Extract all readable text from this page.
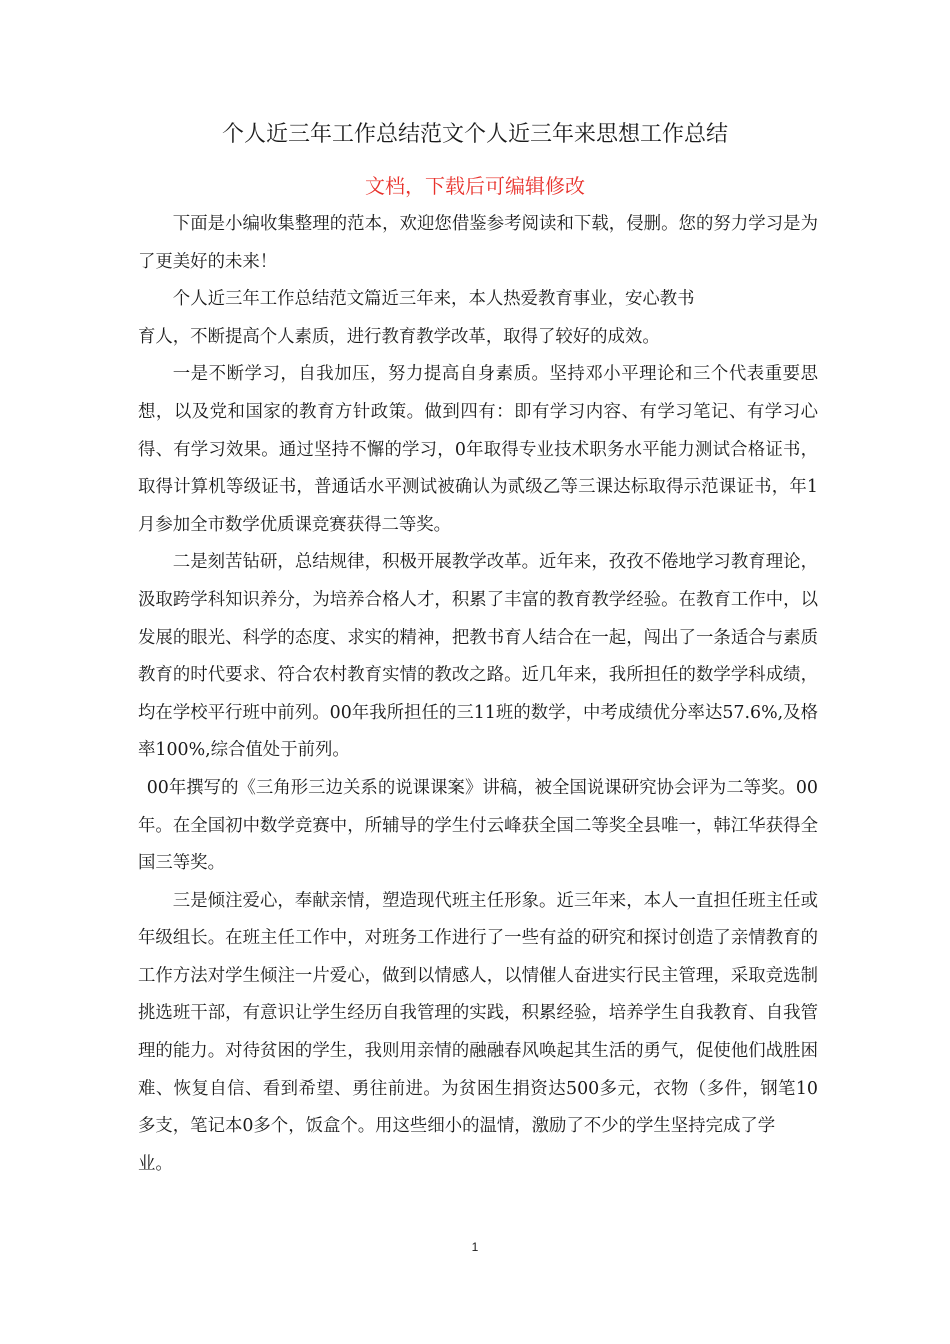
个人近三年工作总结范文个人近三年来思想工作总结
文档，下载后可编辑修改

下面是小编收集整理的范本，欢迎您借鉴参考阅读和下载，侵删。您的努力学习是为了更美好的未来！

个人近三年工作总结范文篇近三年来，本人热爱教育事业，安心教书
育人，不断提高个人素质，进行教育教学改革，取得了较好的成效。

一是不断学习，自我加压，努力提高自身素质。坚持邓小平理论和三个代表重要思想，以及党和国家的教育方针政策。做到四有：即有学习内容、有学习笔记、有学习心得、有学习效果。通过坚持不懈的学习，0年取得专业技术职务水平能力测试合格证书，取得计算机等级证书，普通话水平测试被确认为贰级乙等三课达标取得示范课证书，年1月参加全市数学优质课竞赛获得二等奖。

二是刻苦钻研，总结规律，积极开展教学改革。近年来，孜孜不倦地学习教育理论，汲取跨学科知识养分，为培养合格人才，积累了丰富的教育教学经验。在教育工作中，以发展的眼光、科学的态度、求实的精神，把教书育人结合在一起，闯出了一条适合与素质教育的时代要求、符合农村教育实情的教改之路。近几年来，我所担任的数学学科成绩，均在学校平行班中前列。00年我所担任的三11班的数学，中考成绩优分率达57.6%,及格率100%,综合值处于前列。

00年撰写的《三角形三边关系的说课课案》讲稿，被全国说课研究协会评为二等奖。00年。在全国初中数学竞赛中，所辅导的学生付云峰获全国二等奖全县唯一，韩江华获得全国三等奖。

三是倾注爱心，奉献亲情，塑造现代班主任形象。近三年来，本人一直担任班主任或年级组长。在班主任工作中，对班务工作进行了一些有益的研究和探讨创造了亲情教育的工作方法对学生倾注一片爱心，做到以情感人，以情催人奋进实行民主管理，采取竞选制挑选班干部，有意识让学生经历自我管理的实践，积累经验，培养学生自我教育、自我管理的能力。对待贫困的学生，我则用亲情的融融春风唤起其生活的勇气，促使他们战胜困难、恢复自信、看到希望、勇往前进。为贫困生捐资达500多元，衣物（多件，钢笔10多支，笔记本0多个，饭盒个。用这些细小的温情，激励了不少的学生坚持完成了学
业。

1
